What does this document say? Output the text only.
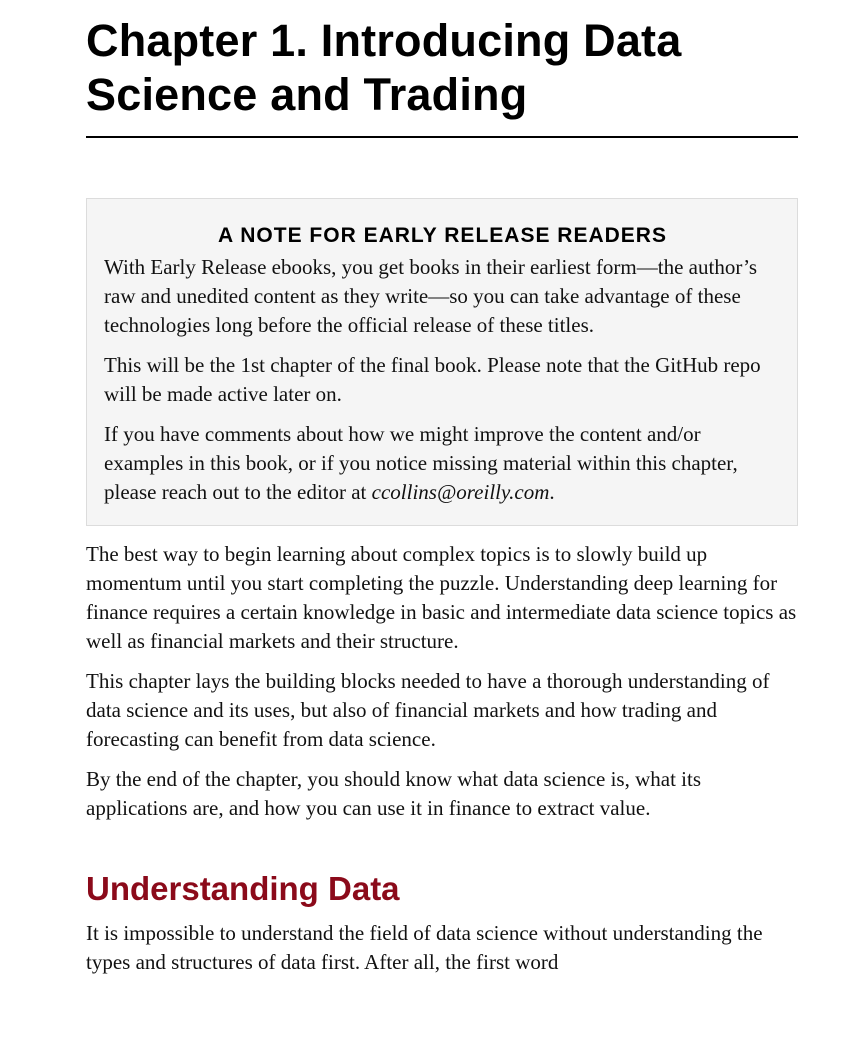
Chapter 1. Introducing Data Science and Trading
A NOTE FOR EARLY RELEASE READERS

With Early Release ebooks, you get books in their earliest form—the author’s raw and unedited content as they write—so you can take advantage of these technologies long before the official release of these titles.

This will be the 1st chapter of the final book. Please note that the GitHub repo will be made active later on.

If you have comments about how we might improve the content and/or examples in this book, or if you notice missing material within this chapter, please reach out to the editor at ccollins@oreilly.com.

The best way to begin learning about complex topics is to slowly build up momentum until you start completing the puzzle. Understanding deep learning for finance requires a certain knowledge in basic and intermediate data science topics as well as financial markets and their structure.

This chapter lays the building blocks needed to have a thorough understanding of data science and its uses, but also of financial markets and how trading and forecasting can benefit from data science.

By the end of the chapter, you should know what data science is, what its applications are, and how you can use it in finance to extract value.

Understanding Data

It is impossible to understand the field of data science without understanding the types and structures of data first. After all, the first word
